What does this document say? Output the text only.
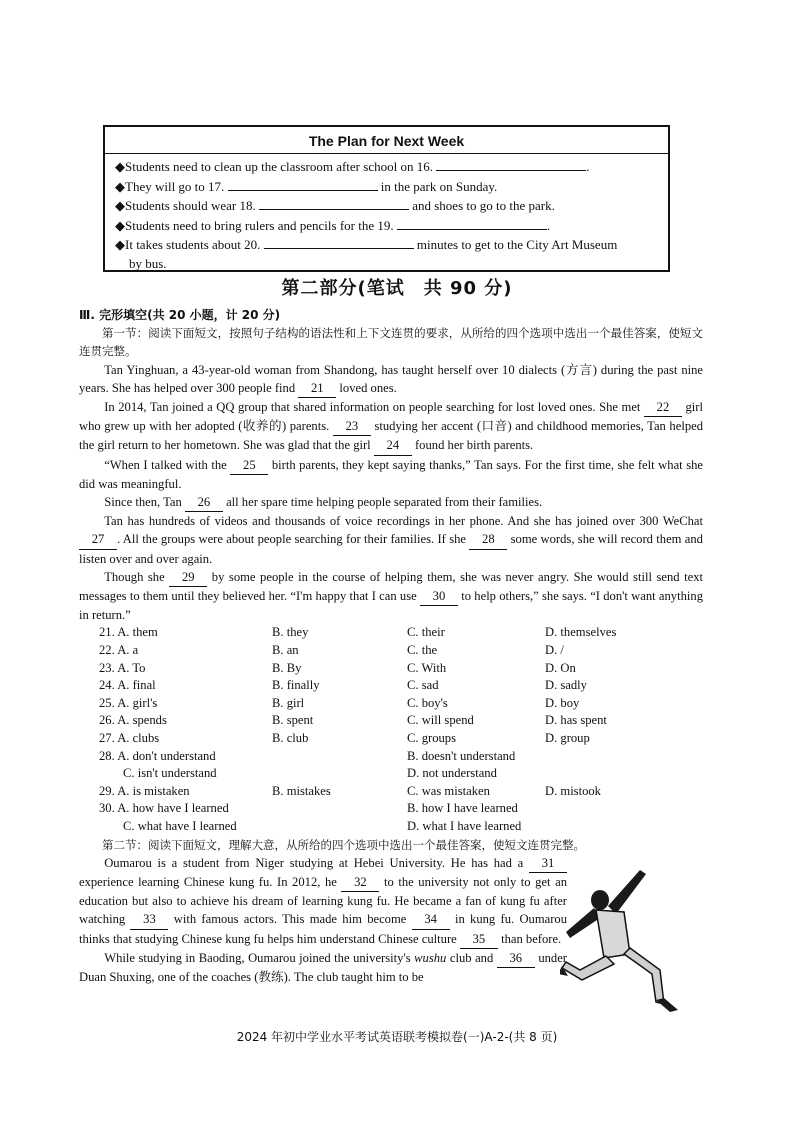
The Plan for Next Week
◆Students need to clean up the classroom after school on 16.	.
◆They will go to 17.	in the park on Sunday.
◆Students should wear 18.	and shoes to go to the park.
◆Students need to bring rulers and pencils for the 19.	.
◆It takes students about 20.	minutes to get to the City Art Museum
by bus.
第二部分(笔试　共 90 分)
Ⅲ. 完形填空(共 20 小题，计 20 分)

第一节：阅读下面短文，按照句子结构的语法性和上下文连贯的要求，从所给的四个选项中选出一个最佳答案，使短文连贯完整。

Tan Yinghuan, a 43-year-old woman from Shandong, has taught herself over 10 dialects (方言) during the past nine years. She has helped over 300 people find 21 loved ones.

In 2014, Tan joined a QQ group that shared information on people searching for lost loved ones. She met 22 girl who grew up with her adopted (收养的) parents. 23 studying her accent (口音) and childhood memories, Tan helped the girl return to her hometown. She was glad that the girl 24 found her birth parents.

“When I talked with the 25 birth parents, they kept saying thanks,” Tan says. For the first time, she felt what she did was meaningful.

Since then, Tan 26 all her spare time helping people separated from their families.

Tan has hundreds of videos and thousands of voice recordings in her phone. And she has joined over 300 WeChat 27 . All the groups were about people searching for their families. If she 28 some words, she will record them and listen over and over again.

Though she 29 by some people in the course of helping them, she was never angry. She would still send text messages to them until they believed her. “I'm happy that I can use 30 to help others,” she says. “I don't want anything in return.”

21. A. them	B. they	C. their	D. themselves
22. A. a	B. an	C. the	D. /
23. A. To	B. By	C. With	D. On
24. A. final	B. finally	C. sad	D. sadly
25. A. girl's	B. girl	C. boy's	D. boy
26. A. spends	B. spent	C. will spend	D. has spent
27. A. clubs	B. club	C. groups	D. group
28. A. don't understand	B. doesn't understand
C. isn't understand	D. not understand
29. A. is mistaken	B. mistakes	C. was mistaken	D. mistook
30. A. how have I learned	B. how I have learned
C. what have I learned	D. what I have learned

第二节：阅读下面短文，理解大意，从所给的四个选项中选出一个最佳答案，使短文连贯完整。

Oumarou is a student from Niger studying at Hebei University. He has had a 31 experience learning Chinese kung fu. In 2012, he 32 to the university not only to get an education but also to achieve his dream of learning kung fu. He became a fan of kung fu after watching 33 with famous actors. This made him become 34 in kung fu. Oumarou thinks that studying Chinese kung fu helps him understand Chinese culture 35 than before.

While studying in Baoding, Oumarou joined the university's wushu club and 36 under Duan Shuxing, one of the coaches (教练). The club taught him to be

2024 年初中学业水平考试英语联考模拟卷(一)A-2-(共 8 页)
